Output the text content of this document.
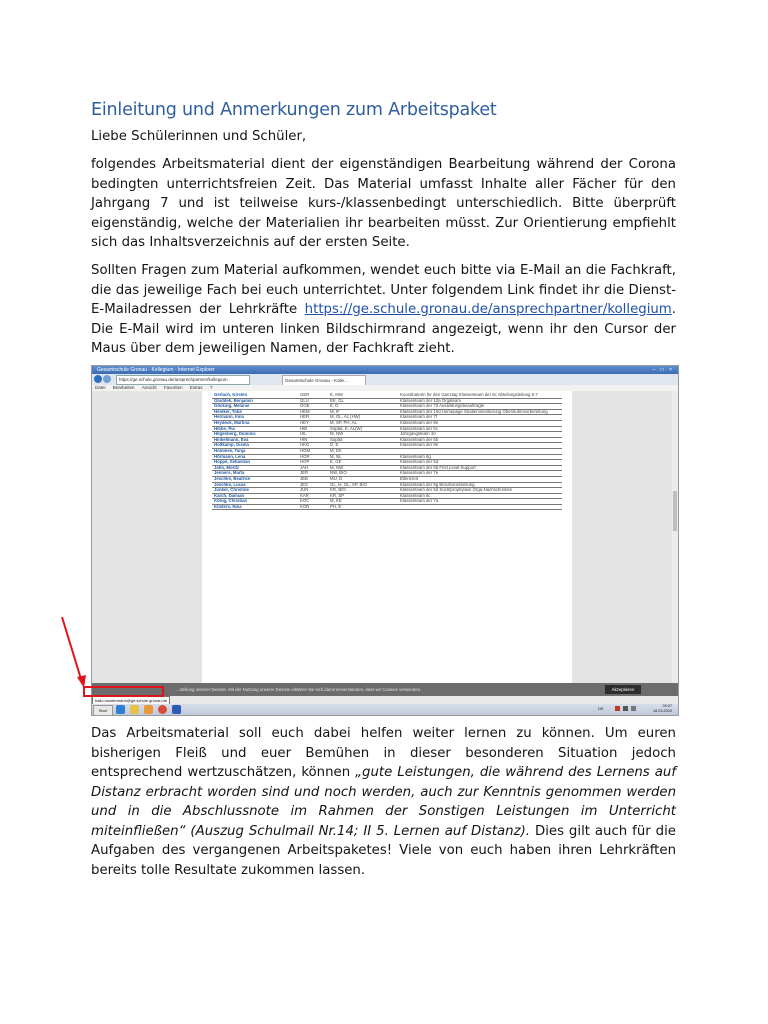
Einleitung und Anmerkungen zum Arbeitspaket

Liebe Schülerinnen und Schüler,

folgendes Arbeitsmaterial dient der eigenständigen Bearbeitung während der Corona bedingten unterrichtsfreien Zeit. Das Material umfasst Inhalte aller Fächer für den Jahrgang 7 und ist teilweise kurs-/klassenbedingt unterschiedlich. Bitte überprüft eigenständig, welche der Materialien ihr bearbeiten müsst. Zur Orientierung empfiehlt sich das Inhaltsverzeichnis auf der ersten Seite.

Sollten Fragen zum Material aufkommen, wendet euch bitte via E-Mail an die Fachkraft, die das jeweilige Fach bei euch unterrichtet. Unter folgendem Link findet ihr die Dienst-E-Mailadressen der Lehrkräfte https://ge.schule.gronau.de/ansprechpartner/kollegium. Die E-Mail wird im unteren linken Bildschirmrand angezeigt, wenn ihr den Cursor der Maus über dem jeweiligen Namen, der Fachkraft zieht.

Gesamtschule Gronau - Kollegium - Internet Explorer	– □ ×
https://ge.schule.gronau.de/ansprechpartner/kollegium	Gesamtschule Gronau - Kolle...
Datei Bearbeiten Ansicht Favoriten Extras ?
Gerlach, Kirsten	GER	E, MW	Koordinatorin für den Ganztag Klassenteam der 6c Abteilungsleitung 5-7
Gluddek, Benjamin	GLU	EK, GL	Klassenteam der 10a Orgateam
Göcking, Melanie	GOE	E, D	Klassenteam der 7d Ausbildungsbeauftragte
Hemker, Tobe	HEM	M, IF	Klassenteam der 10d Homepage Studienorientierung Oberstufenvorbereitung
Hermann, Inna	HER	M, GL, AL (HW)	Klassenteam der 7f
Heydeck, Martina	HEY	M, SP, PH, AL	Klassenteam der 8e
Hibbe, Pia	HIB	Sopäd, E, AL(W)	Klassenteam der 5c
Hilgenberg, Dominic	HIL	M, NW	Jahrgangsteam 10
Hinkelmann, Eva	HIN	Sopäd	Klassenteam der 6b
Holtkamp, Gisela	HKG	D, E	Klassenteam der 8e
Hommes, Tanja	HOM	M, EK	
Hörmann, Lena	HOR	M, NL	Klassenteam 9g
Hoppe, Sebastian	HOP	E, GE	Klassenteam der 5d
Jahn, Moritz	JAH	M, NW	Klassenteam der 6b First Level-Support
Jenners, Marta	JER	NW, BIO	Klassenteam der 7e
Jeschke, Beatrice	JEB	MU, D	Elternzeit
Jeschke, Lucas	JES	GL, kr, GL, SP, BIO	Klassenteam der 9g Berufsorientierung
Junker, Christine	JUN	KR, BIO	Klassenteam der 6d Suchtprophylaxe Orga-Nachschreiben
Karch, Damian	KAR	KR, SP	Klassenteam 6c
König, Christian	KOC	M, KE	Klassenteam der 7a
Küsters, Nina	KON	PH, E	
...stellung unserer Dienste. Mit der Nutzung unserer Dienste erklären Sie sich damit einverstanden, dass wir Cookies verwenden.	Akzeptieren
hallo.mustermann@ge.schule.gronau.de
Start	DE	09:07
16.03.2020

Das Arbeitsmaterial soll euch dabei helfen weiter lernen zu können. Um euren bisherigen Fleiß und euer Bemühen in dieser besonderen Situation jedoch entsprechend wertzuschätzen, können „gute Leistungen, die während des Lernens auf Distanz erbracht worden sind und noch werden, auch zur Kenntnis genommen werden und in die Abschlussnote im Rahmen der Sonstigen Leistungen im Unterricht miteinfließen“ (Auszug Schulmail Nr.14; II 5. Lernen auf Distanz). Dies gilt auch für die Aufgaben des vergangenen Arbeitspaketes! Viele von euch haben ihren Lehrkräften bereits tolle Resultate zukommen lassen.
